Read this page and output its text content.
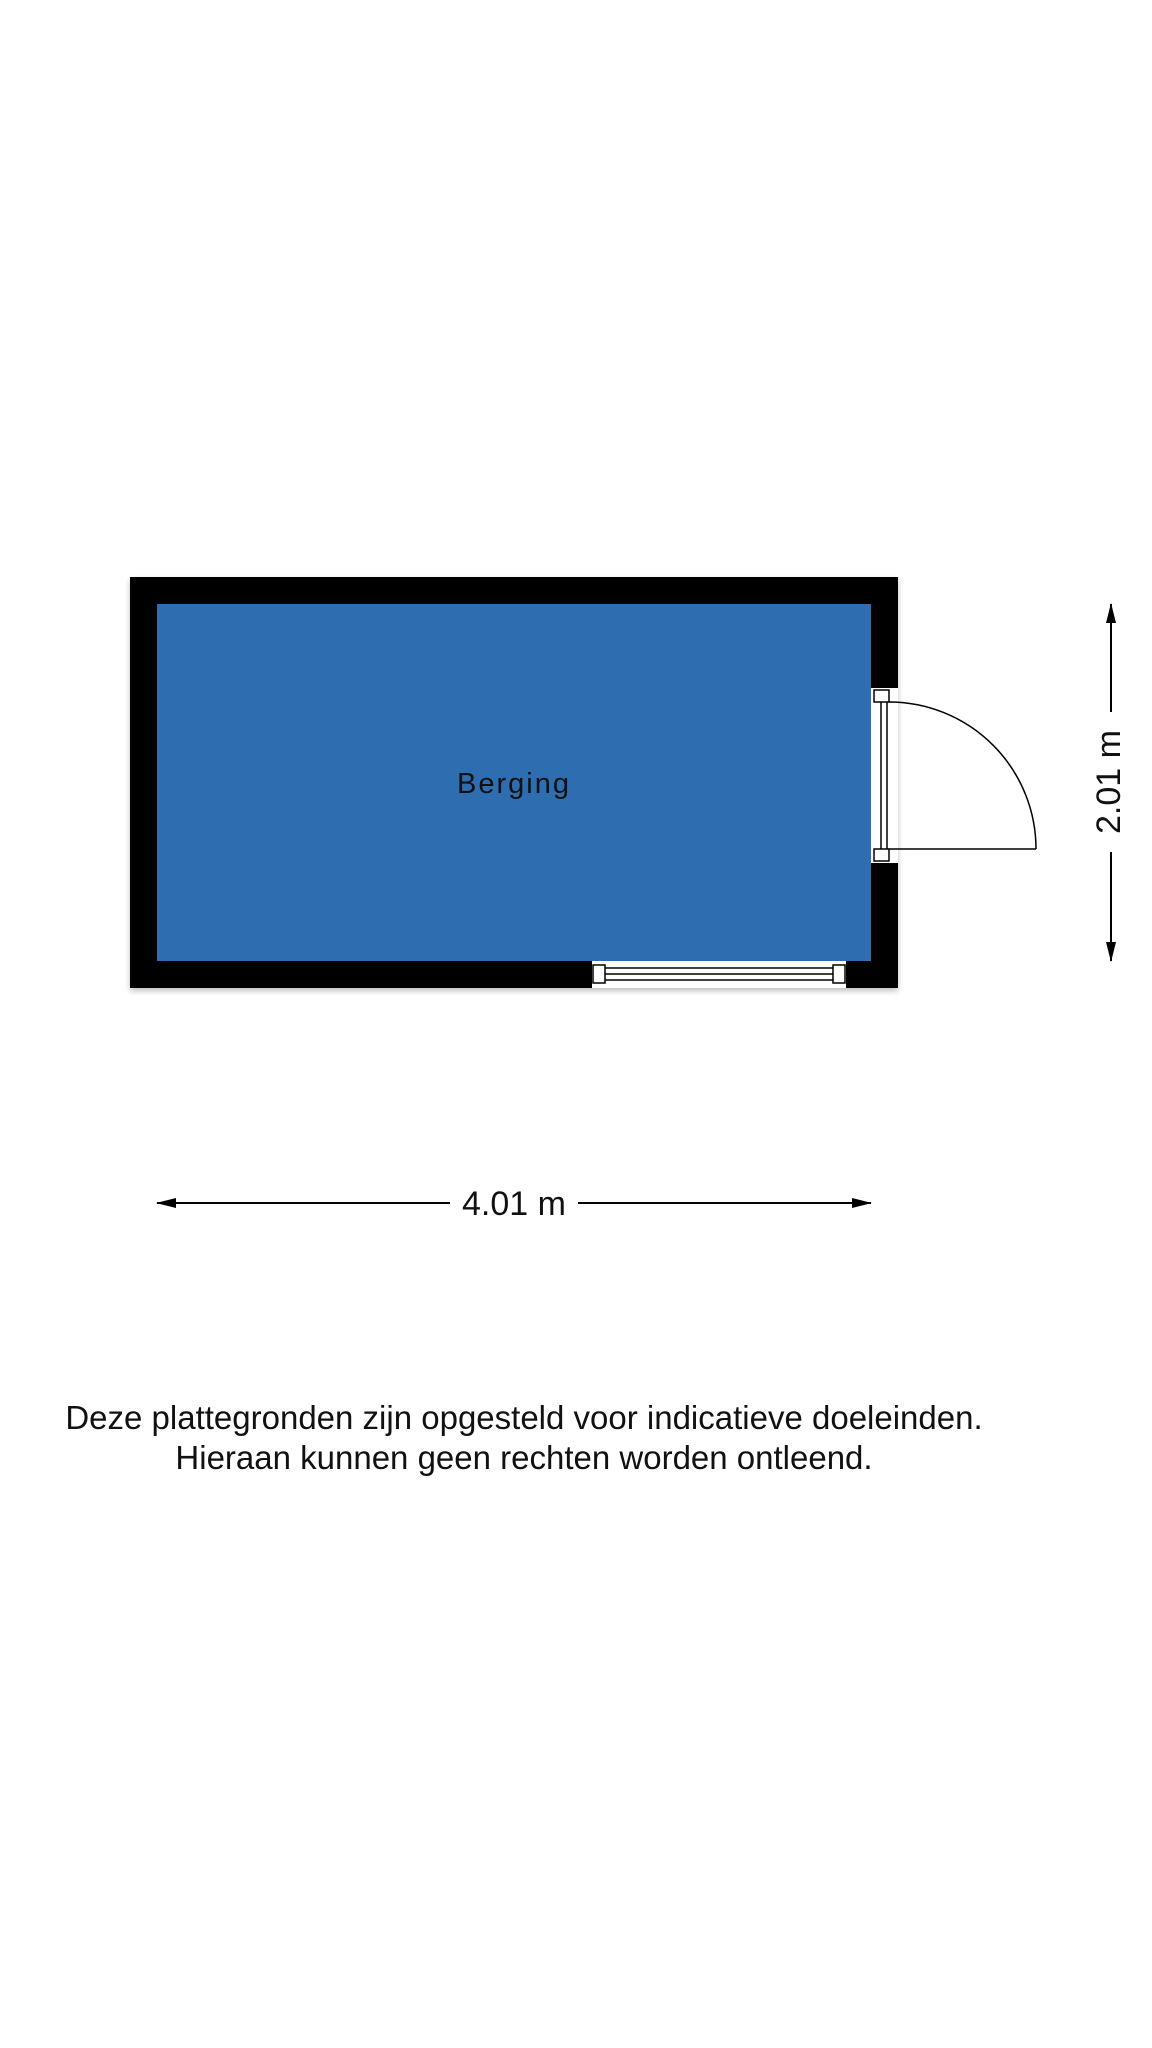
Berging
4.01 m
2.01 m
Deze plattegronden zijn opgesteld voor indicatieve doeleinden.
Hieraan kunnen geen rechten worden ontleend.
